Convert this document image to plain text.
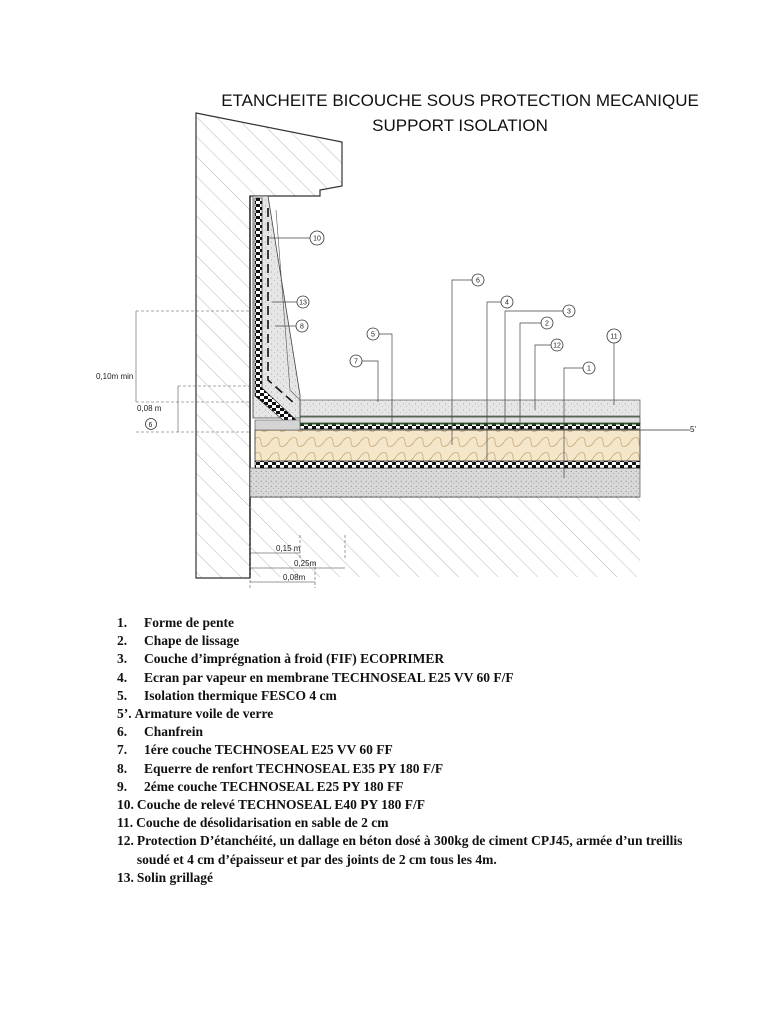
ETANCHEITE BICOUCHE SOUS PROTECTION MECANIQUE
SUPPORT ISOLATION
0,10m min
0,08 m
6	5'
0,15 m
0,25m
0,08m
10
13
8
7
5
6
4
3
2
12
1
11
1.	Forme de pente
2.	Chape de lissage
3.	Couche d’imprégnation à froid (FIF) ECOPRIMER
4.	Ecran par vapeur en membrane TECHNOSEAL E25 VV 60 F/F
5.	Isolation thermique FESCO 4 cm
5’. Armature voile de verre
6.	Chanfrein
7.	1ére couche TECHNOSEAL E25 VV 60 FF
8.	Equerre de renfort TECHNOSEAL E35 PY 180 F/F
9.	2éme couche TECHNOSEAL E25 PY 180 FF
10. Couche de relevé TECHNOSEAL E40 PY 180 F/F
11. Couche de désolidarisation en sable de 2 cm
12. Protection D’étanchéité, un dallage en béton dosé à 300kg de ciment CPJ45, armée d’un treillis soudé et 4 cm d’épaisseur et par des joints de 2 cm tous les 4m.
13. Solin grillagé
